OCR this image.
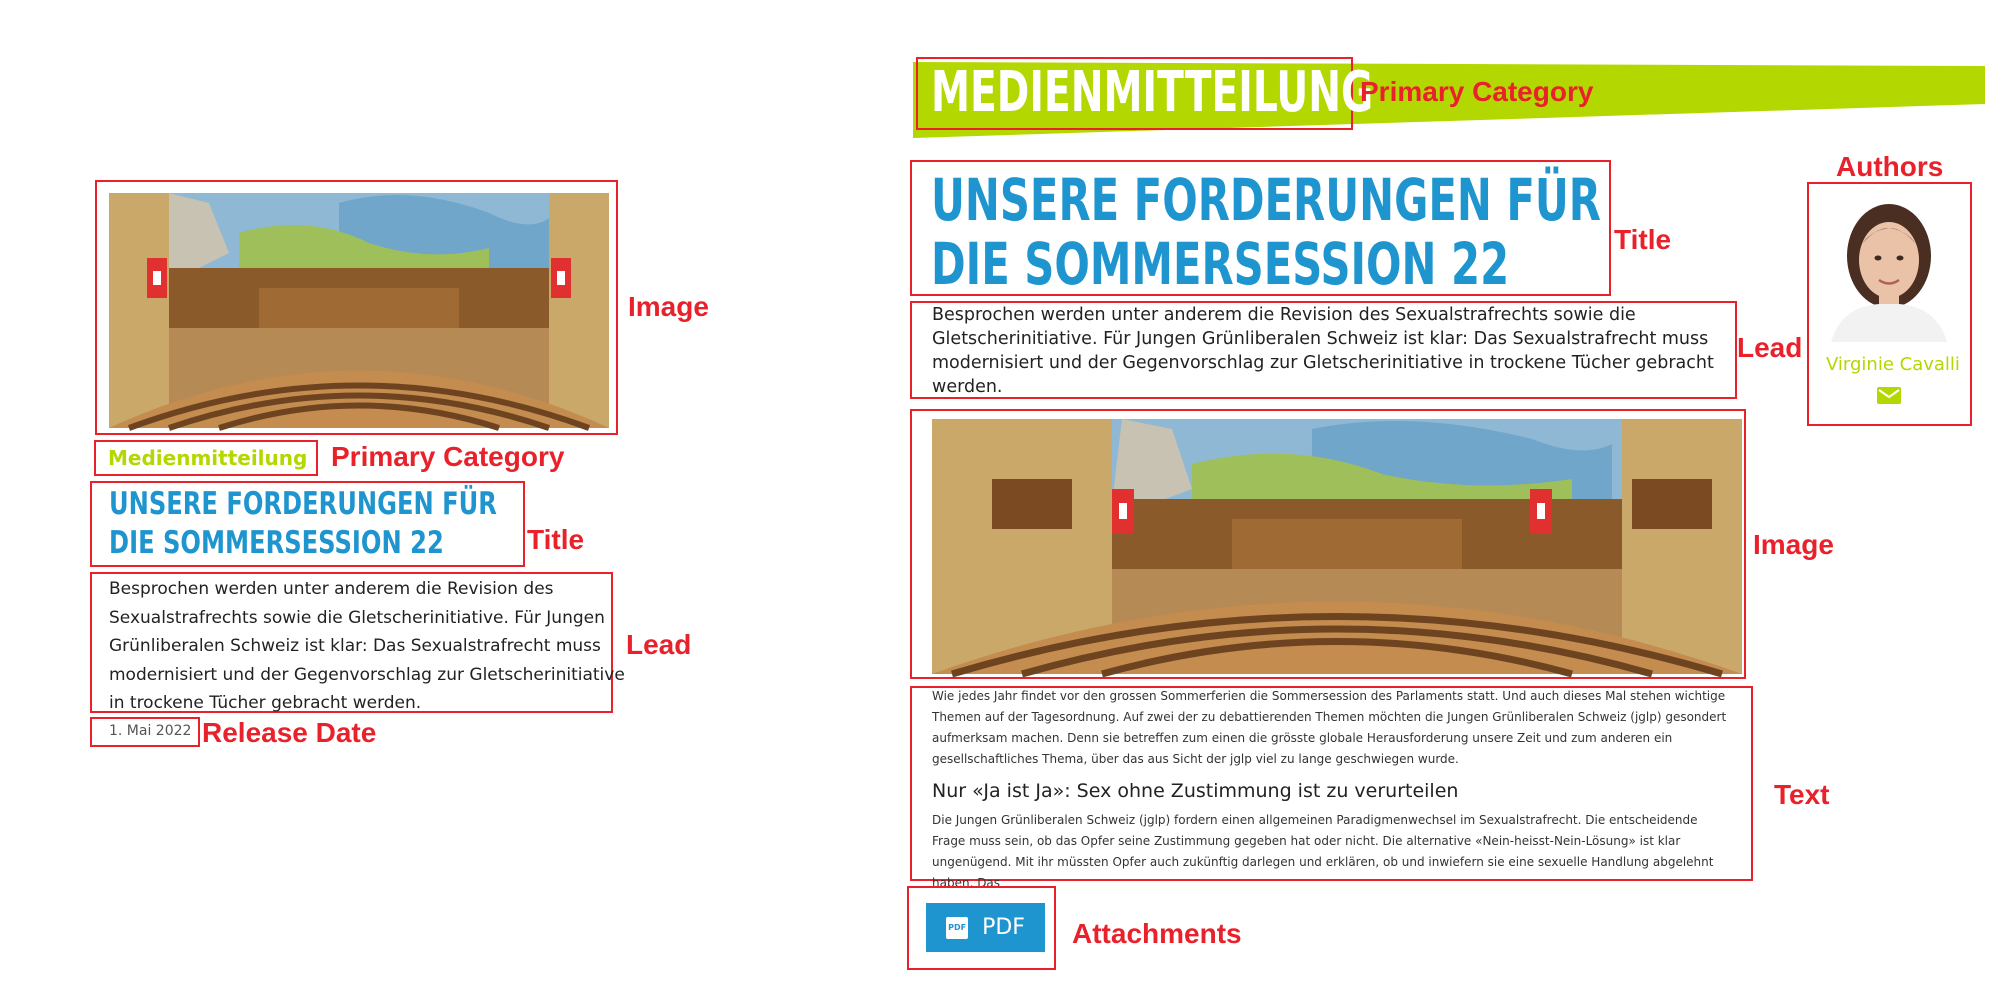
Medienmitteilung
UNSERE FORDERUNGEN FÜR DIE SOMMERSESSION 22
Besprochen werden unter anderem die Revision des Sexualstrafrechts sowie die Gletscherinitiative. Für Jungen Grünliberalen Schweiz ist klar: Das Sexualstrafrecht muss modernisiert und der Gegenvorschlag zur Gletscherinitiative in trockene Tücher gebracht werden.
1. Mai 2022
Image
Primary Category
Title
Lead
Release Date
MEDIENMITTEILUNG
UNSERE FORDERUNGEN FÜR DIE SOMMERSESSION 22
Besprochen werden unter anderem die Revision des Sexualstrafrechts sowie die Gletscherinitiative. Für Jungen Grünliberalen Schweiz ist klar: Das Sexualstrafrecht muss modernisiert und der Gegenvorschlag zur Gletscherinitiative in trockene Tücher gebracht werden.
Wie jedes Jahr findet vor den grossen Sommerferien die Sommersession des Parlaments statt. Und auch dieses Mal stehen wichtige Themen auf der Tagesordnung. Auf zwei der zu debattierenden Themen möchten die Jungen Grünliberalen Schweiz (jglp) gesondert aufmerksam machen. Denn sie betreffen zum einen die grösste globale Herausforderung unsere Zeit und zum anderen ein gesellschaftliches Thema, über das aus Sicht der jglp viel zu lange geschwiegen wurde.
Nur «Ja ist Ja»: Sex ohne Zustimmung ist zu verurteilen
Die Jungen Grünliberalen Schweiz (jglp) fordern einen allgemeinen Paradigmenwechsel im Sexualstrafrecht. Die entscheidende Frage muss sein, ob das Opfer seine Zustimmung gegeben hat oder nicht. Die alternative «Nein-heisst-Nein-Lösung» ist klar ungenügend. Mit ihr müssten Opfer auch zukünftig darlegen und erklären, ob und inwiefern sie eine sexuelle Handlung abgelehnt haben. Das
PDF PDF
Virginie Cavalli
Primary Category
Authors
Title
Lead
Image
Text
Attachments
